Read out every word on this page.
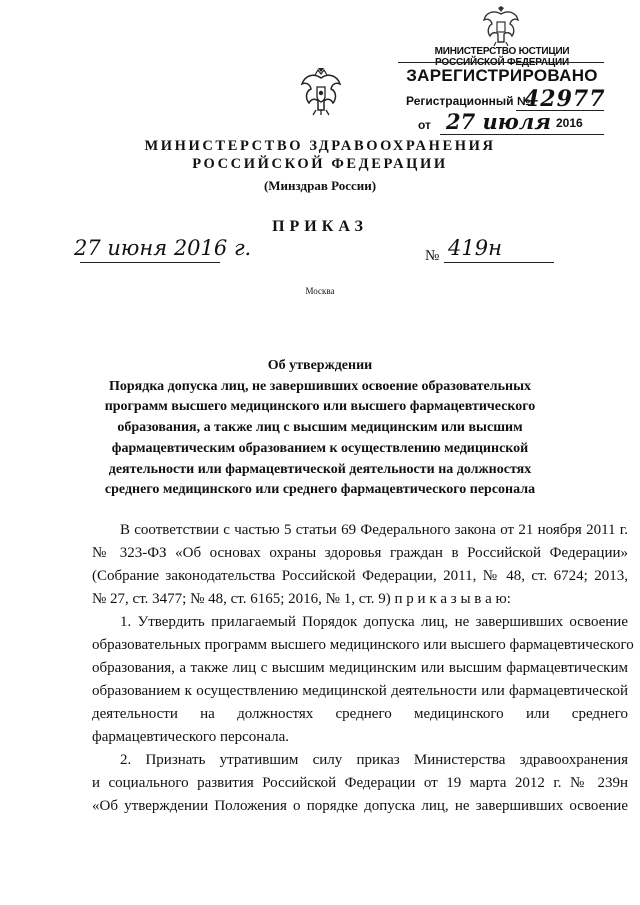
МИНИСТЕРСТВО ЮСТИЦИИ РОССИЙСКОЙ ФЕДЕРАЦИИ
ЗАРЕГИСТРИРОВАНО
Регистрационный №
42977
от 27 июля 2016
МИНИСТЕРСТВО ЗДРАВООХРАНЕНИЯ
РОССИЙСКОЙ ФЕДЕРАЦИИ
(Минздрав России)
ПРИКАЗ
27 июня 2016 г.	№ 419н
Москва
Об утверждении
Порядка допуска лиц, не завершивших освоение образовательных
программ высшего медицинского или высшего фармацевтического
образования, а также лиц с высшим медицинским или высшим
фармацевтическим образованием к осуществлению медицинской
деятельности или фармацевтической деятельности на должностях
среднего медицинского или среднего фармацевтического персонала
В соответствии с частью 5 статьи 69 Федерального закона от 21 ноября 2011 г.
№ 323-ФЗ «Об основах охраны здоровья граждан в Российской Федерации»
(Собрание законодательства Российской Федерации, 2011, № 48, ст. 6724; 2013,
№ 27, ст. 3477; № 48, ст. 6165; 2016, № 1, ст. 9) п р и к а з ы в а ю:
1. Утвердить прилагаемый Порядок допуска лиц, не завершивших освоение
образовательных программ высшего медицинского или высшего фармацевтического
образования, а также лиц с высшим медицинским или высшим фармацевтическим
образованием к осуществлению медицинской деятельности или фармацевтической
деятельности на должностях среднего медицинского или среднего
фармацевтического персонала.
2. Признать утратившим силу приказ Министерства здравоохранения
и социального развития Российской Федерации от 19 марта 2012 г. № 239н
«Об утверждении Положения о порядке допуска лиц, не завершивших освоение
